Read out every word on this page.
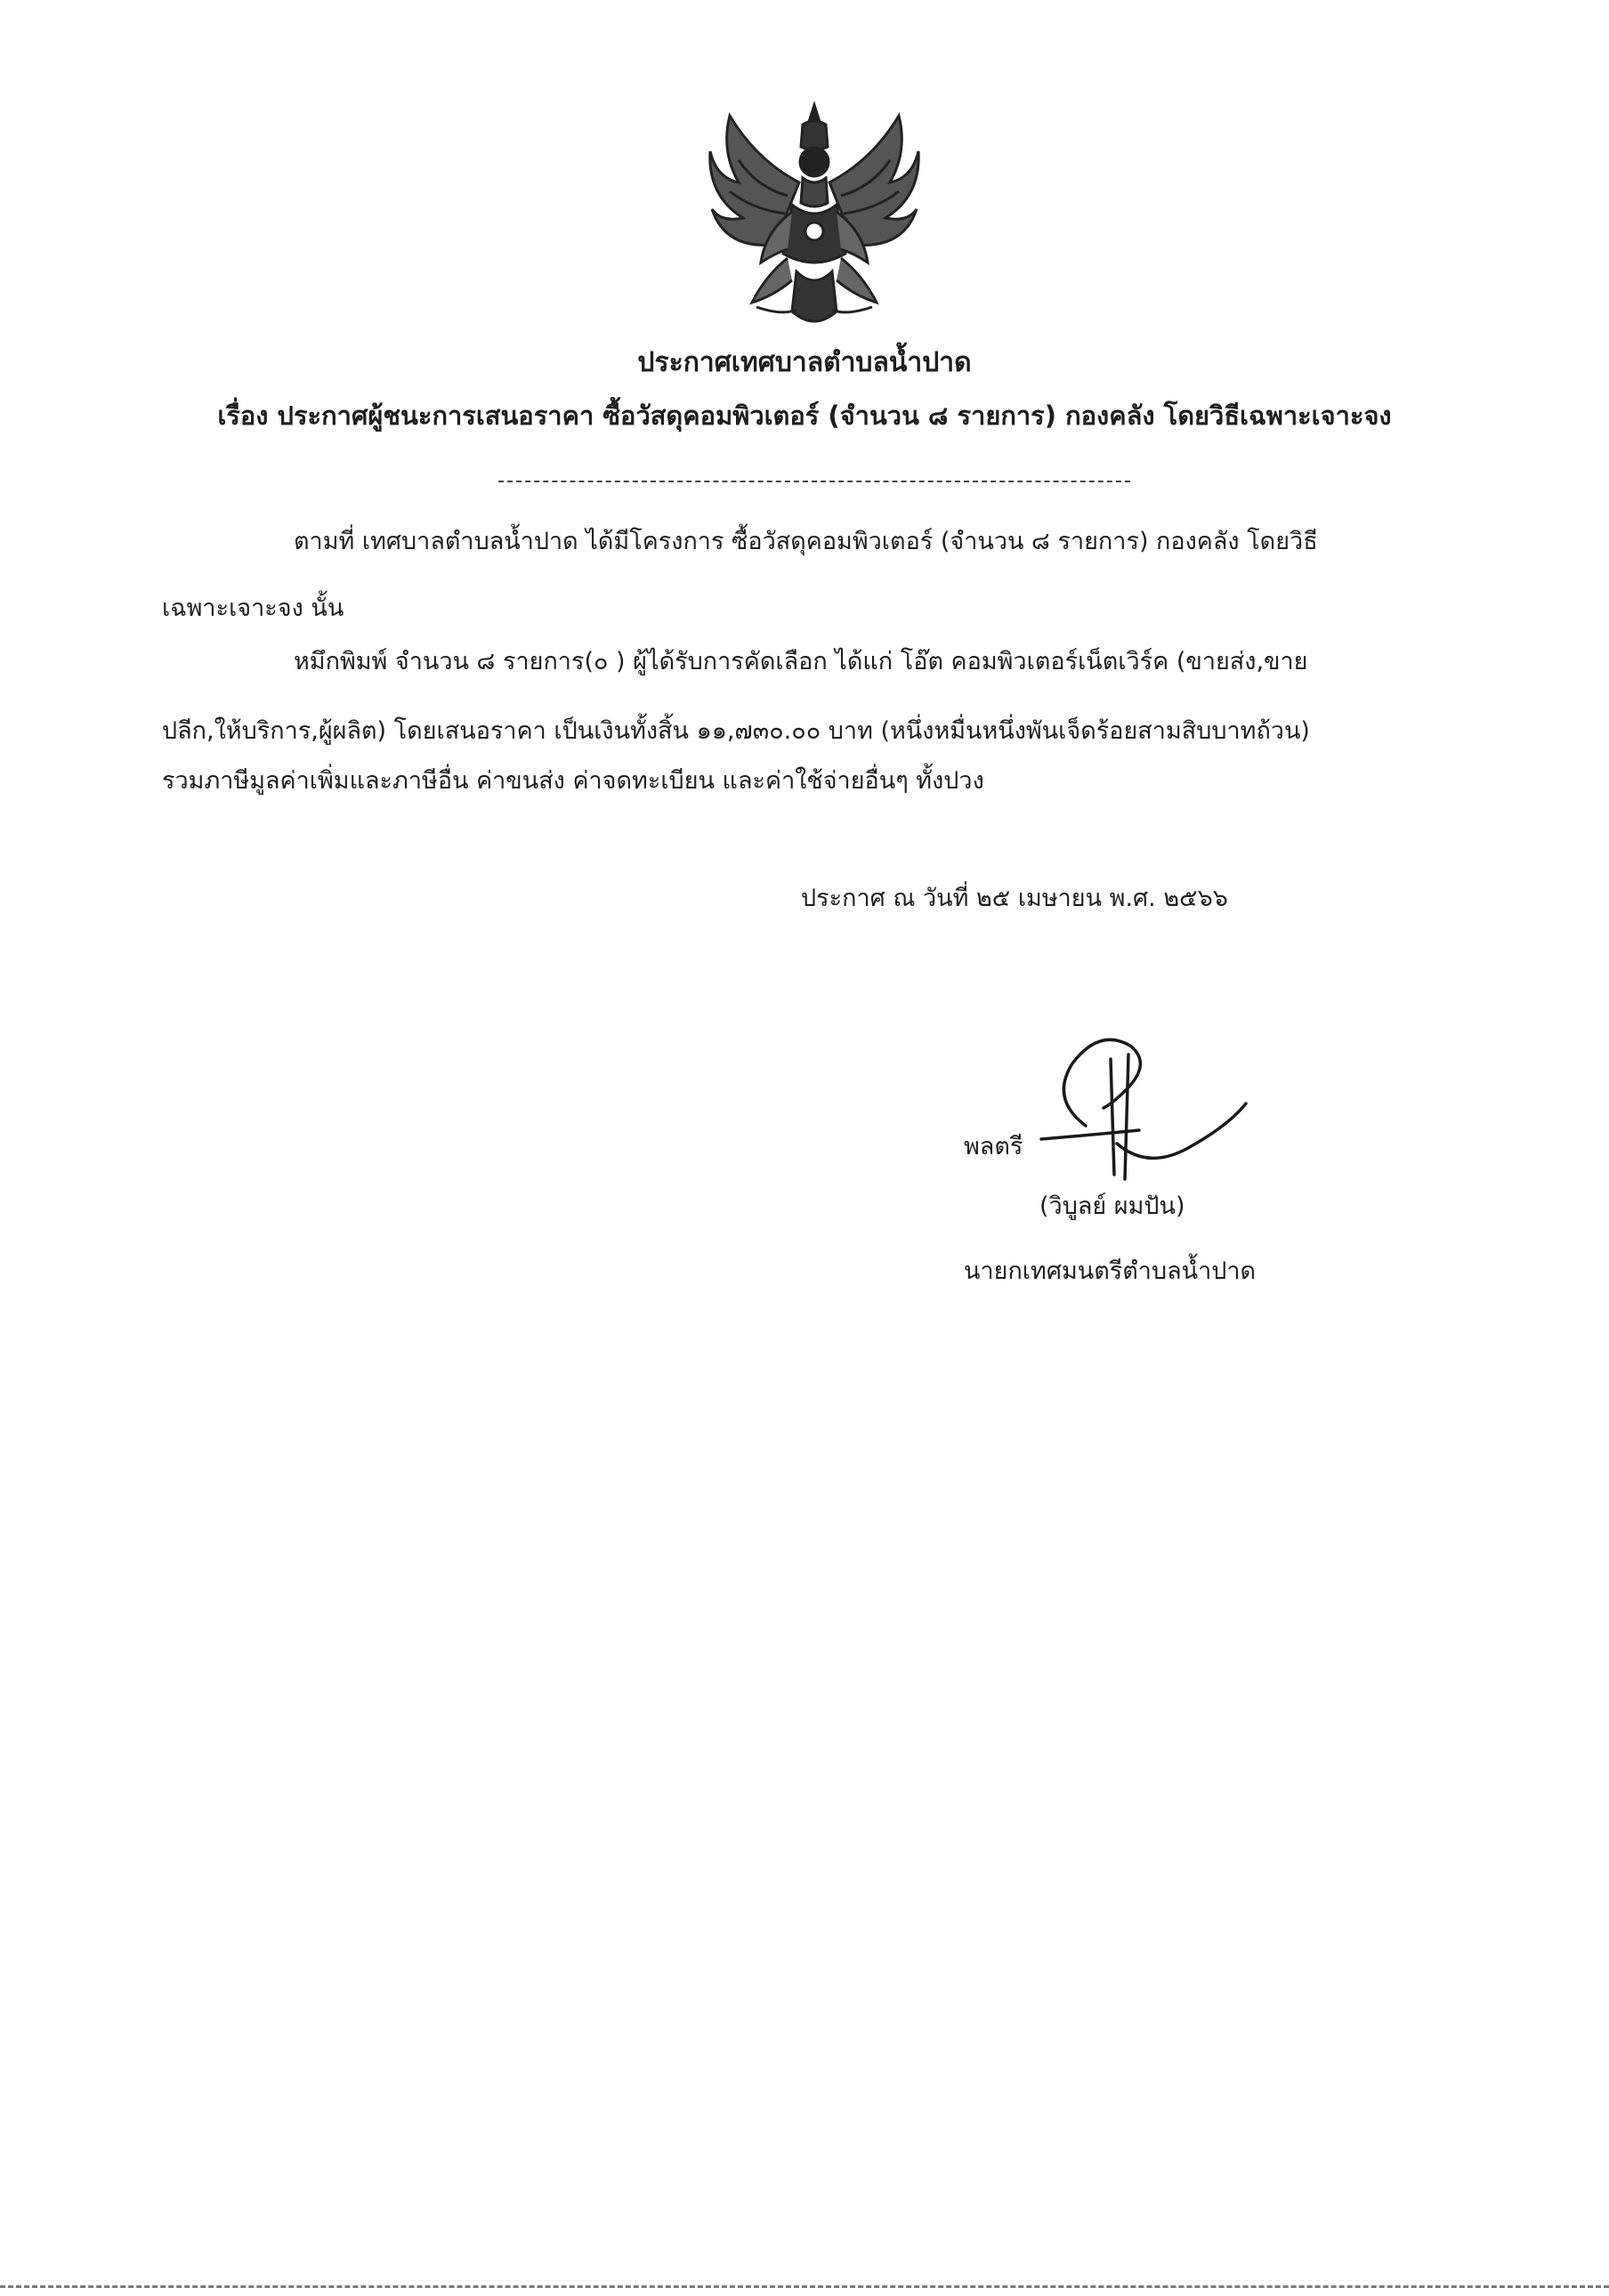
ประกาศเทศบาลตำบลน้ำปาด
เรื่อง ประกาศผู้ชนะการเสนอราคา ซื้อวัสดุคอมพิวเตอร์ (จำนวน ๘ รายการ) กองคลัง โดยวิธีเฉพาะเจาะจง
ตามที่ เทศบาลตำบลน้ำปาด ได้มีโครงการ ซื้อวัสดุคอมพิวเตอร์ (จำนวน ๘ รายการ) กองคลัง โดยวิธี
เฉพาะเจาะจง นั้น
หมึกพิมพ์ จำนวน ๘ รายการ(๐ ) ผู้ได้รับการคัดเลือก ได้แก่ โอ๊ต คอมพิวเตอร์เน็ตเวิร์ค (ขายส่ง,ขาย
ปลีก,ให้บริการ,ผู้ผลิต) โดยเสนอราคา เป็นเงินทั้งสิ้น ๑๑,๗๓๐.๐๐ บาท (หนึ่งหมื่นหนึ่งพันเจ็ดร้อยสามสิบบาทถ้วน)
รวมภาษีมูลค่าเพิ่มและภาษีอื่น ค่าขนส่ง ค่าจดทะเบียน และค่าใช้จ่ายอื่นๆ ทั้งปวง
ประกาศ ณ วันที่ ๒๕ เมษายน พ.ศ. ๒๕๖๖
พลตรี
(วิบูลย์ ผมปัน)
นายกเทศมนตรีตำบลน้ำปาด
